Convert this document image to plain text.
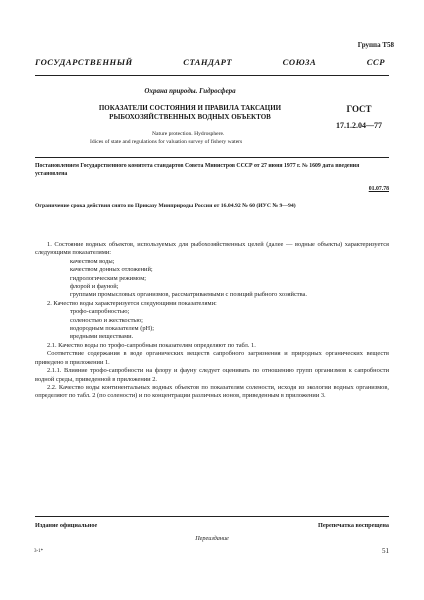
Группа Т58
ГОСУДАРСТВЕННЫЙ СТАНДАРТ СОЮЗА ССР
Охрана природы. Гидросфера
ПОКАЗАТЕЛИ СОСТОЯНИЯ И ПРАВИЛА ТАКСАЦИИ РЫБОХОЗЯЙСТВЕННЫХ ВОДНЫХ ОБЪЕКТОВ
ГОСТ
17.1.2.04—77
Nature protection. Hydrosphere.
Idices of state and regulations for valuation survey of fishery waters
Постановлением Государственного комитета стандартов Совета Министров СССР от 27 июня 1977 г. № 1609 дата введения установлена
01.07.78
Ограничение срока действия снято по Приказу Минприроды России от 16.04.92 № 60 (ИУС № 9—94)

1. Состояние водных объектов, используемых для рыбохозяйственных целей (далее — водные объекты) характеризуется следующими показателями:

качеством воды;

качеством донных отложений;

гидрологическим режимом;

флорой и фауной;

группами промысловых организмов, рассматриваемыми с позиций рыбного хозяйства.

2. Качество воды характеризуется следующими показателями:

трофо-сапробностью;

соленостью и жесткостью;

водородным показателем (рН);

вредными веществами.

2.1. Качество воды по трофо-сапробным показателям определяют по табл. 1.

Соответствие содержания в воде органических веществ сапробного загрязнения и природных органических веществ приведено в приложении 1.

2.1.1. Влияние трофо-сапробности на флору и фауну следует оценивать по отношению групп организмов к сапробности водной среды, приведенной в приложении 2.

2.2. Качество воды континентальных водных объектов по показателям солености, исходя из экологии водных организмов, определяют по табл. 2 (по солености) и по концентрации различных ионов, приведенным в приложении 3.

Издание официальное	Перепечатка воспрещена
Переиздание
3-1*	51
